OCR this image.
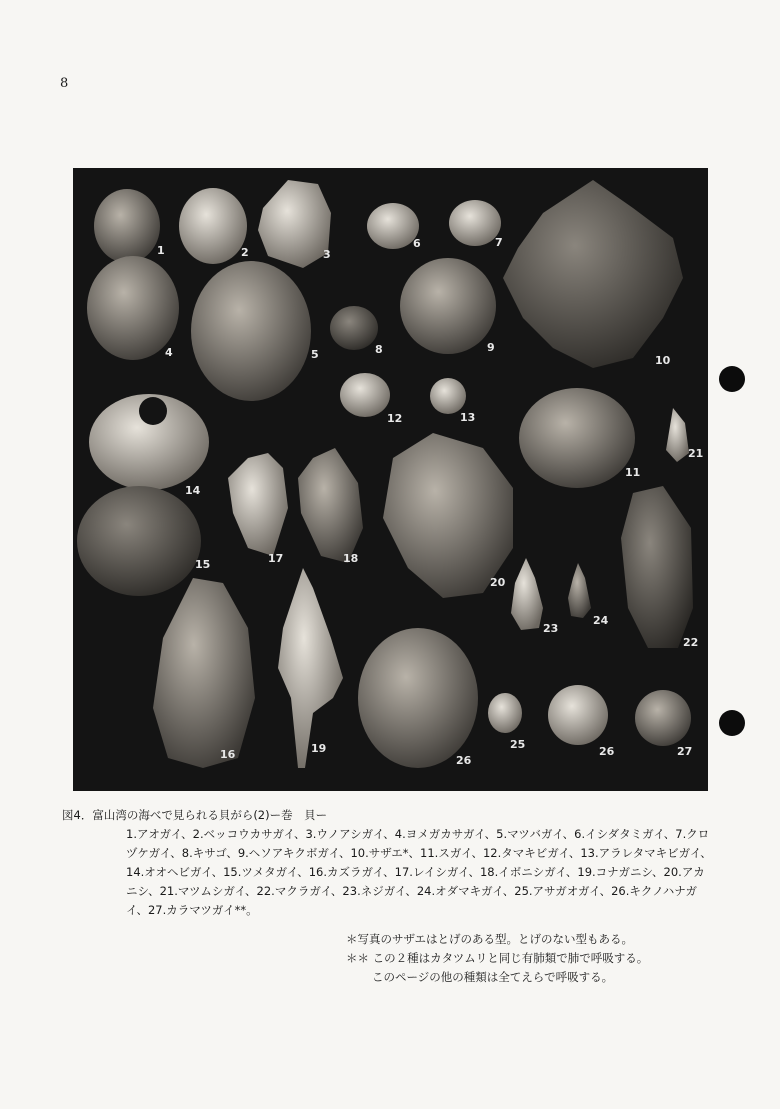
8
1	2	3
4	5
6	7
8	9
10
11
12	13
14
15
16
17	18
19
20
21
22
23
24
25
26
26	27
図4．富山湾の海べで見られる貝がら(2)ー巻　貝ー
1.アオガイ、2.ベッコウカサガイ、3.ウノアシガイ、4.ヨメガカサガイ、5.マツバガイ、6.イシダタミガイ、7.クロヅケガイ、8.キサゴ、9.ヘソアキクボガイ、10.サザエ*、11.スガイ、12.タマキビガイ、13.アラレタマキビガイ、14.オオヘビガイ、15.ツメタガイ、16.カズラガイ、17.レイシガイ、18.イボニシガイ、19.コナガニシ、20.アカニシ、21.マツムシガイ、22.マクラガイ、23.ネジガイ、24.オダマキガイ、25.アサガオガイ、26.キクノハナガイ、27.カラマツガイ**。
＊写真のサザエはとげのある型。とげのない型もある。
＊＊ この２種はカタツムリと同じ有肺類で肺で呼吸する。
このページの他の種類は全てえらで呼吸する。
